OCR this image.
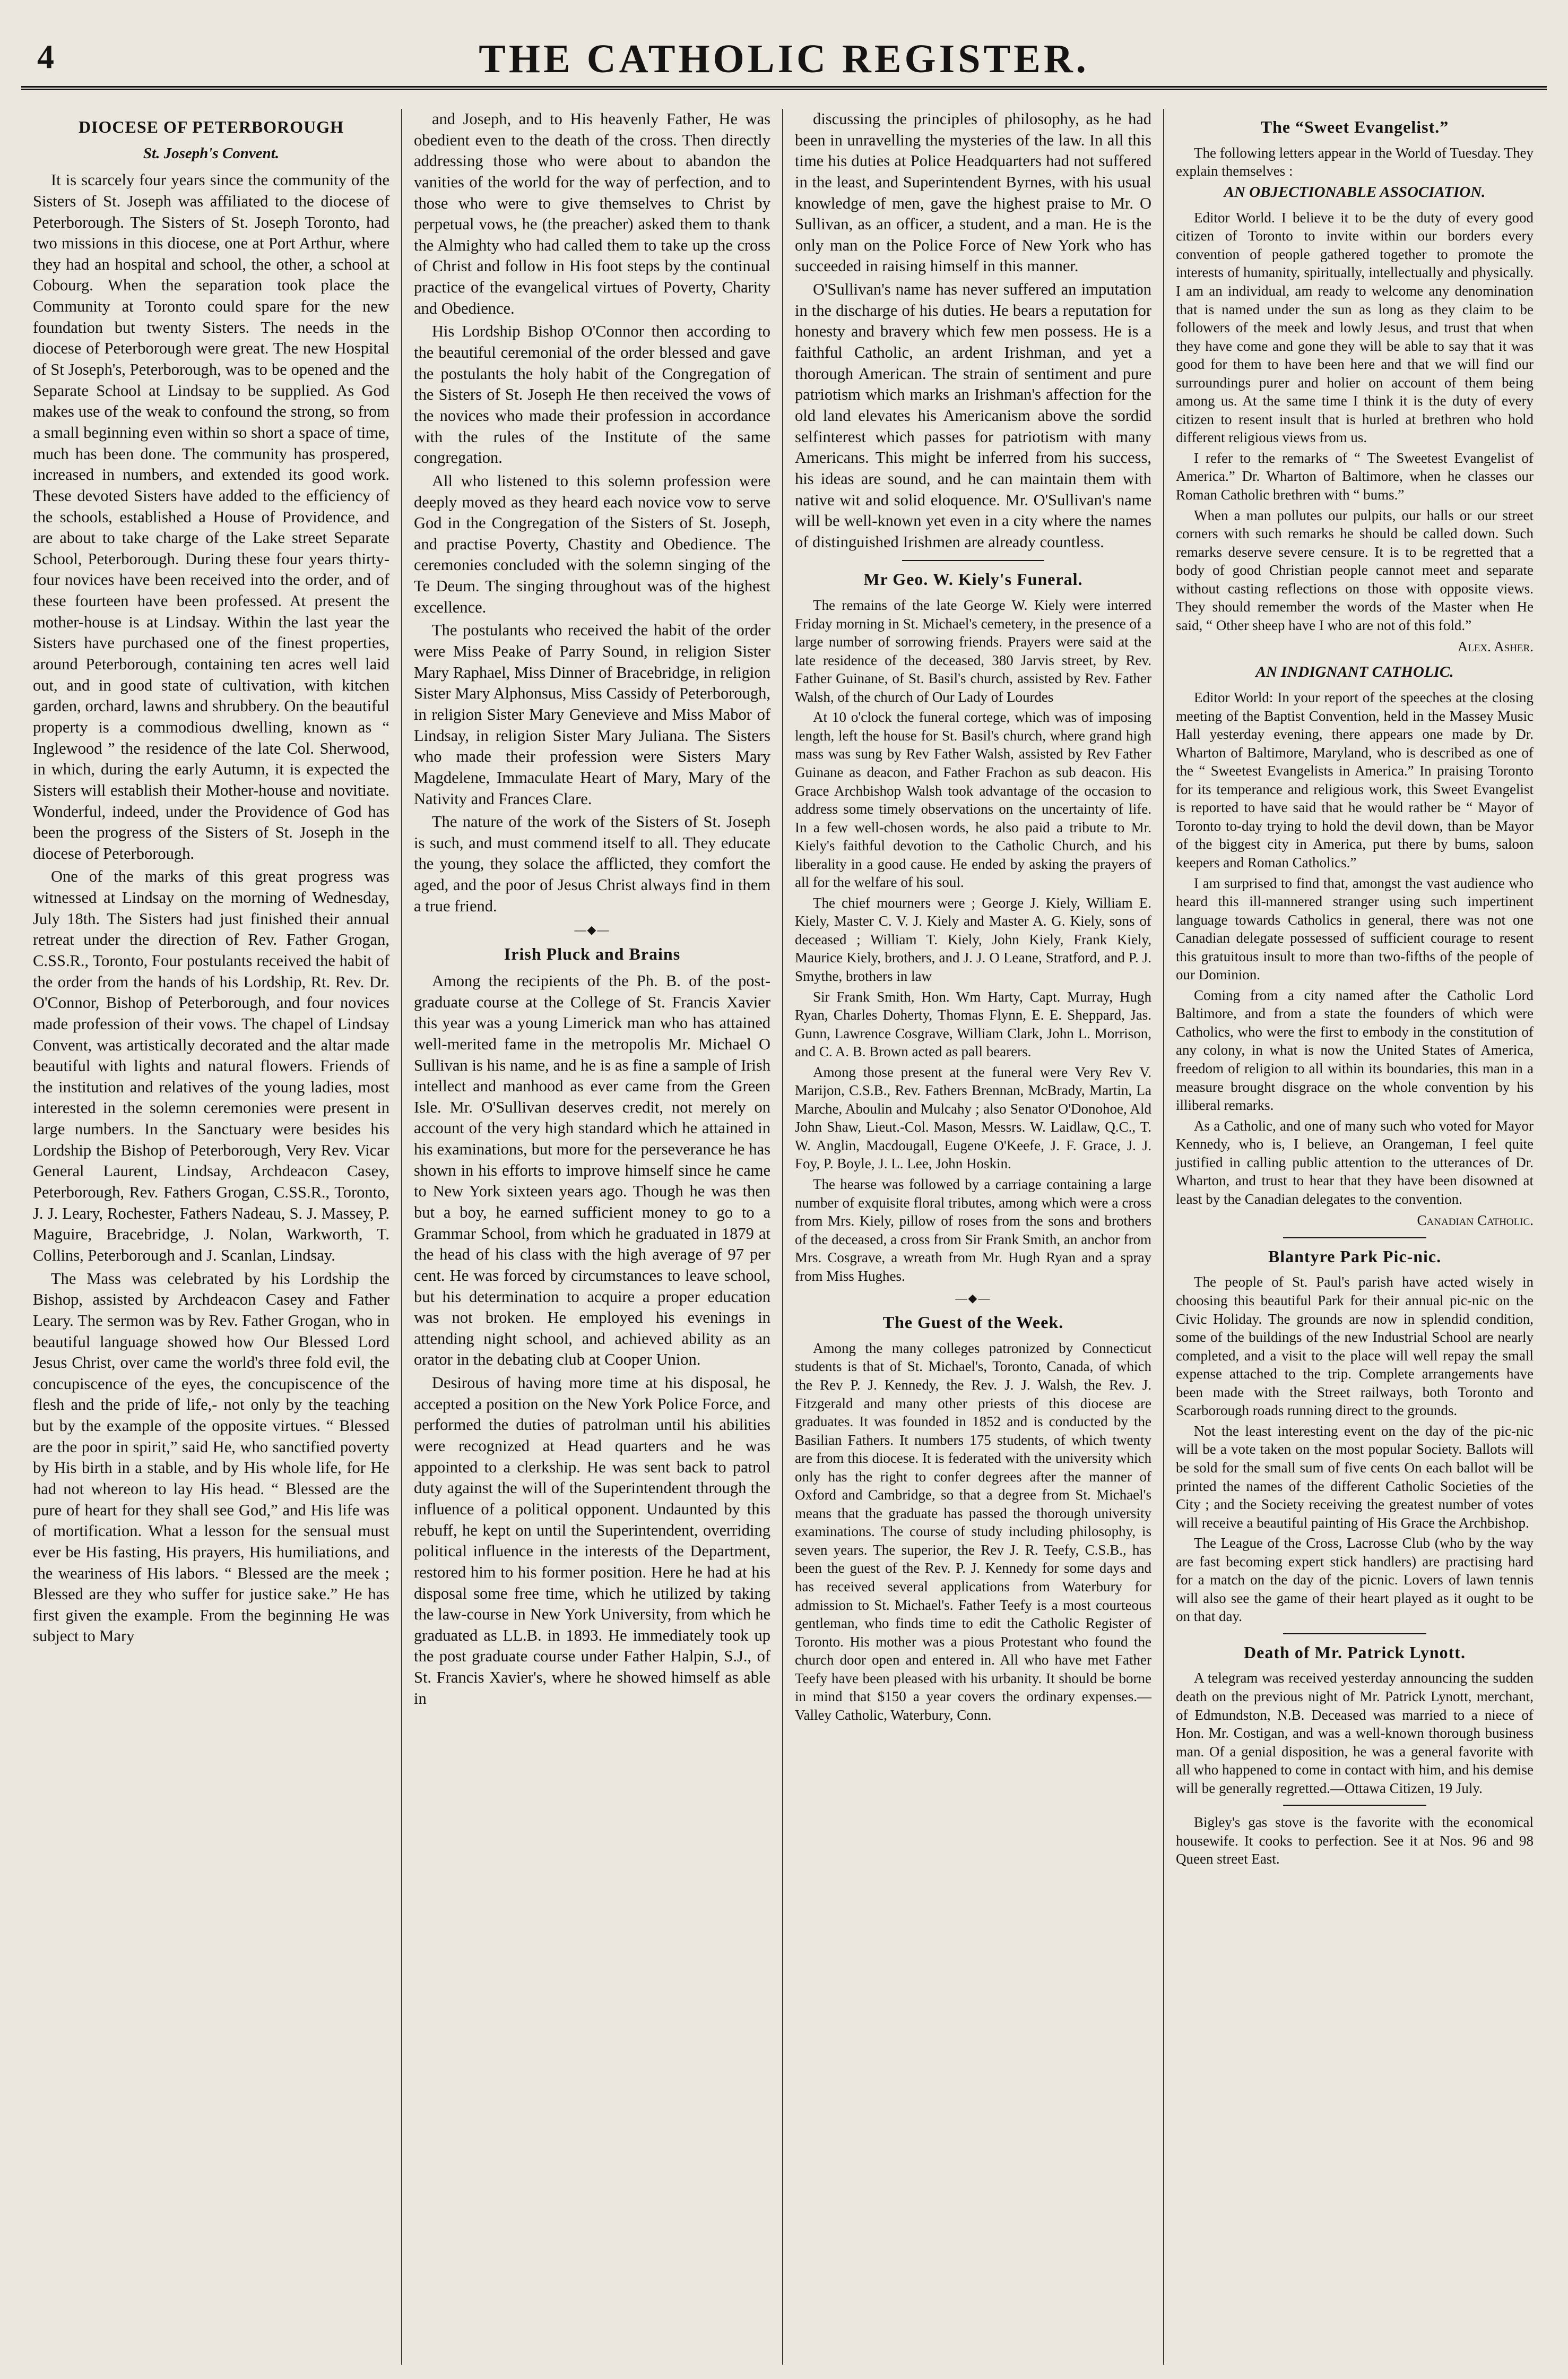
4	THE CATHOLIC REGISTER.
DIOCESE OF PETERBOROUGH
St. Joseph's Convent.

It is scarcely four years since the community of the Sisters of St. Joseph was affiliated to the diocese of Peterborough. The Sisters of St. Joseph Toronto, had two missions in this diocese, one at Port Arthur, where they had an hospital and school, the other, a school at Cobourg. When the separation took place the Community at Toronto could spare for the new foundation but twenty Sisters. The needs in the diocese of Peterborough were great. The new Hospital of St Joseph's, Peterborough, was to be opened and the Separate School at Lindsay to be supplied. As God makes use of the weak to confound the strong, so from a small beginning even within so short a space of time, much has been done. The community has prospered, increased in numbers, and extended its good work. These devoted Sisters have added to the efficiency of the schools, established a House of Providence, and are about to take charge of the Lake street Separate School, Peterborough. During these four years thirty-four novices have been received into the order, and of these fourteen have been professed. At present the mother-house is at Lindsay. Within the last year the Sisters have purchased one of the finest properties, around Peterborough, containing ten acres well laid out, and in good state of cultivation, with kitchen garden, orchard, lawns and shrubbery. On the beautiful property is a commodious dwelling, known as “ Inglewood ” the residence of the late Col. Sherwood, in which, during the early Autumn, it is expected the Sisters will establish their Mother-house and novitiate. Wonderful, indeed, under the Providence of God has been the progress of the Sisters of St. Joseph in the diocese of Peterborough.

One of the marks of this great progress was witnessed at Lindsay on the morning of Wednesday, July 18th. The Sisters had just finished their annual retreat under the direction of Rev. Father Grogan, C.SS.R., Toronto, Four postulants received the habit of the order from the hands of his Lordship, Rt. Rev. Dr. O'Connor, Bishop of Peterborough, and four novices made profession of their vows. The chapel of Lindsay Convent, was artistically decorated and the altar made beautiful with lights and natural flowers. Friends of the institution and relatives of the young ladies, most interested in the solemn ceremonies were present in large numbers. In the Sanctuary were besides his Lordship the Bishop of Peterborough, Very Rev. Vicar General Laurent, Lindsay, Archdeacon Casey, Peterborough, Rev. Fathers Grogan, C.SS.R., Toronto, J. J. Leary, Rochester, Fathers Nadeau, S. J. Massey, P. Maguire, Bracebridge, J. Nolan, Warkworth, T. Collins, Peterborough and J. Scanlan, Lindsay.

The Mass was celebrated by his Lordship the Bishop, assisted by Archdeacon Casey and Father Leary. The sermon was by Rev. Father Grogan, who in beautiful language showed how Our Blessed Lord Jesus Christ, over came the world's three fold evil, the concupiscence of the eyes, the concupiscence of the flesh and the pride of life,- not only by the teaching but by the example of the opposite virtues. “ Blessed are the poor in spirit,” said He, who sanctified poverty by His birth in a stable, and by His whole life, for He had not whereon to lay His head. “ Blessed are the pure of heart for they shall see God,” and His life was of mortification. What a lesson for the sensual must ever be His fasting, His prayers, His humiliations, and the weariness of His labors. “ Blessed are the meek ; Blessed are they who suffer for justice sake.” He has first given the example. From the beginning He was subject to Mary

and Joseph, and to His heavenly Father, He was obedient even to the death of the cross. Then directly addressing those who were about to abandon the vanities of the world for the way of perfection, and to those who were to give themselves to Christ by perpetual vows, he (the preacher) asked them to thank the Almighty who had called them to take up the cross of Christ and follow in His foot steps by the continual practice of the evangelical virtues of Poverty, Charity and Obedience.

His Lordship Bishop O'Connor then according to the beautiful ceremonial of the order blessed and gave the postulants the holy habit of the Congregation of the Sisters of St. Joseph He then received the vows of the novices who made their profession in accordance with the rules of the Institute of the same congregation.

All who listened to this solemn profession were deeply moved as they heard each novice vow to serve God in the Congregation of the Sisters of St. Joseph, and practise Poverty, Chastity and Obedience. The ceremonies concluded with the solemn singing of the Te Deum. The singing throughout was of the highest excellence.

The postulants who received the habit of the order were Miss Peake of Parry Sound, in religion Sister Mary Raphael, Miss Dinner of Bracebridge, in religion Sister Mary Alphonsus, Miss Cassidy of Peterborough, in religion Sister Mary Genevieve and Miss Mabor of Lindsay, in religion Sister Mary Juliana. The Sisters who made their profession were Sisters Mary Magdelene, Immaculate Heart of Mary, Mary of the Nativity and Frances Clare.

The nature of the work of the Sisters of St. Joseph is such, and must commend itself to all. They educate the young, they solace the afflicted, they comfort the aged, and the poor of Jesus Christ always find in them a true friend.

―◆―
Irish Pluck and Brains

Among the recipients of the Ph. B. of the post-graduate course at the College of St. Francis Xavier this year was a young Limerick man who has attained well-merited fame in the metropolis Mr. Michael O Sullivan is his name, and he is as fine a sample of Irish intellect and manhood as ever came from the Green Isle. Mr. O'Sullivan deserves credit, not merely on account of the very high standard which he attained in his examinations, but more for the perseverance he has shown in his efforts to improve himself since he came to New York sixteen years ago. Though he was then but a boy, he earned sufficient money to go to a Grammar School, from which he graduated in 1879 at the head of his class with the high average of 97 per cent. He was forced by circumstances to leave school, but his determination to acquire a proper education was not broken. He employed his evenings in attending night school, and achieved ability as an orator in the debating club at Cooper Union.

Desirous of having more time at his disposal, he accepted a position on the New York Police Force, and performed the duties of patrolman until his abilities were recognized at Head quarters and he was appointed to a clerkship. He was sent back to patrol duty against the will of the Superintendent through the influence of a political opponent. Undaunted by this rebuff, he kept on until the Superintendent, overriding political influence in the interests of the Department, restored him to his former position. Here he had at his disposal some free time, which he utilized by taking the law-course in New York University, from which he graduated as LL.B. in 1893. He immediately took up the post graduate course under Father Halpin, S.J., of St. Francis Xavier's, where he showed himself as able in

discussing the principles of philosophy, as he had been in unravelling the mysteries of the law. In all this time his duties at Police Headquarters had not suffered in the least, and Superintendent Byrnes, with his usual knowledge of men, gave the highest praise to Mr. O Sullivan, as an officer, a student, and a man. He is the only man on the Police Force of New York who has succeeded in raising himself in this manner.

O'Sullivan's name has never suffered an imputation in the discharge of his duties. He bears a reputation for honesty and bravery which few men possess. He is a faithful Catholic, an ardent Irishman, and yet a thorough American. The strain of sentiment and pure patriotism which marks an Irishman's affection for the old land elevates his Americanism above the sordid selfinterest which passes for patriotism with many Americans. This might be inferred from his success, his ideas are sound, and he can maintain them with native wit and solid eloquence. Mr. O'Sullivan's name will be well-known yet even in a city where the names of distinguished Irishmen are already countless.

Mr Geo. W. Kiely's Funeral.

The remains of the late George W. Kiely were interred Friday morning in St. Michael's cemetery, in the presence of a large number of sorrowing friends. Prayers were said at the late residence of the deceased, 380 Jarvis street, by Rev. Father Guinane, of St. Basil's church, assisted by Rev. Father Walsh, of the church of Our Lady of Lourdes

At 10 o'clock the funeral cortege, which was of imposing length, left the house for St. Basil's church, where grand high mass was sung by Rev Father Walsh, assisted by Rev Father Guinane as deacon, and Father Frachon as sub deacon. His Grace Archbishop Walsh took advantage of the occasion to address some timely observations on the uncertainty of life. In a few well-chosen words, he also paid a tribute to Mr. Kiely's faithful devotion to the Catholic Church, and his liberality in a good cause. He ended by asking the prayers of all for the welfare of his soul.

The chief mourners were ; George J. Kiely, William E. Kiely, Master C. V. J. Kiely and Master A. G. Kiely, sons of deceased ; William T. Kiely, John Kiely, Frank Kiely, Maurice Kiely, brothers, and J. J. O Leane, Stratford, and P. J. Smythe, brothers in law

Sir Frank Smith, Hon. Wm Harty, Capt. Murray, Hugh Ryan, Charles Doherty, Thomas Flynn, E. E. Sheppard, Jas. Gunn, Lawrence Cosgrave, William Clark, John L. Morrison, and C. A. B. Brown acted as pall bearers.

Among those present at the funeral were Very Rev V. Marijon, C.S.B., Rev. Fathers Brennan, McBrady, Martin, La Marche, Aboulin and Mulcahy ; also Senator O'Donohoe, Ald John Shaw, Lieut.-Col. Mason, Messrs. W. Laidlaw, Q.C., T. W. Anglin, Macdougall, Eugene O'Keefe, J. F. Grace, J. J. Foy, P. Boyle, J. L. Lee, John Hoskin.

The hearse was followed by a carriage containing a large number of exquisite floral tributes, among which were a cross from Mrs. Kiely, pillow of roses from the sons and brothers of the deceased, a cross from Sir Frank Smith, an anchor from Mrs. Cosgrave, a wreath from Mr. Hugh Ryan and a spray from Miss Hughes.

―◆―
The Guest of the Week.

Among the many colleges patronized by Connecticut students is that of St. Michael's, Toronto, Canada, of which the Rev P. J. Kennedy, the Rev. J. J. Walsh, the Rev. J. Fitzgerald and many other priests of this diocese are graduates. It was founded in 1852 and is conducted by the Basilian Fathers. It numbers 175 students, of which twenty are from this diocese. It is federated with the university which only has the right to confer degrees after the manner of Oxford and Cambridge, so that a degree from St. Michael's means that the graduate has passed the thorough university examinations. The course of study including philosophy, is seven years. The superior, the Rev J. R. Teefy, C.S.B., has been the guest of the Rev. P. J. Kennedy for some days and has received several applications from Waterbury for admission to St. Michael's. Father Teefy is a most courteous gentleman, who finds time to edit the Catholic Register of Toronto. His mother was a pious Protestant who found the church door open and entered in. All who have met Father Teefy have been pleased with his urbanity. It should be borne in mind that $150 a year covers the ordinary expenses.— Valley Catholic, Waterbury, Conn.

The “Sweet Evangelist.”

The following letters appear in the World of Tuesday. They explain themselves :

AN OBJECTIONABLE ASSOCIATION.

Editor World. I believe it to be the duty of every good citizen of Toronto to invite within our borders every convention of people gathered together to promote the interests of humanity, spiritually, intellectually and physically. I am an individual, am ready to welcome any denomination that is named under the sun as long as they claim to be followers of the meek and lowly Jesus, and trust that when they have come and gone they will be able to say that it was good for them to have been here and that we will find our surroundings purer and holier on account of them being among us. At the same time I think it is the duty of every citizen to resent insult that is hurled at brethren who hold different religious views from us.

I refer to the remarks of “ The Sweetest Evangelist of America.” Dr. Wharton of Baltimore, when he classes our Roman Catholic brethren with “ bums.”

When a man pollutes our pulpits, our halls or our street corners with such remarks he should be called down. Such remarks deserve severe censure. It is to be regretted that a body of good Christian people cannot meet and separate without casting reflections on those with opposite views. They should remember the words of the Master when He said, “ Other sheep have I who are not of this fold.”

Alex. Asher.
AN INDIGNANT CATHOLIC.

Editor World: In your report of the speeches at the closing meeting of the Baptist Convention, held in the Massey Music Hall yesterday evening, there appears one made by Dr. Wharton of Baltimore, Maryland, who is described as one of the “ Sweetest Evangelists in America.” In praising Toronto for its temperance and religious work, this Sweet Evangelist is reported to have said that he would rather be “ Mayor of Toronto to-day trying to hold the devil down, than be Mayor of the biggest city in America, put there by bums, saloon keepers and Roman Catholics.”

I am surprised to find that, amongst the vast audience who heard this ill-mannered stranger using such impertinent language towards Catholics in general, there was not one Canadian delegate possessed of sufficient courage to resent this gratuitous insult to more than two-fifths of the people of our Dominion.

Coming from a city named after the Catholic Lord Baltimore, and from a state the founders of which were Catholics, who were the first to embody in the constitution of any colony, in what is now the United States of America, freedom of religion to all within its boundaries, this man in a measure brought disgrace on the whole convention by his illiberal remarks.

As a Catholic, and one of many such who voted for Mayor Kennedy, who is, I believe, an Orangeman, I feel quite justified in calling public attention to the utterances of Dr. Wharton, and trust to hear that they have been disowned at least by the Canadian delegates to the convention.

Canadian Catholic.
Blantyre Park Pic-nic.

The people of St. Paul's parish have acted wisely in choosing this beautiful Park for their annual pic-nic on the Civic Holiday. The grounds are now in splendid condition, some of the buildings of the new Industrial School are nearly completed, and a visit to the place will well repay the small expense attached to the trip. Complete arrangements have been made with the Street railways, both Toronto and Scarborough roads running direct to the grounds.

Not the least interesting event on the day of the pic-nic will be a vote taken on the most popular Society. Ballots will be sold for the small sum of five cents On each ballot will be printed the names of the different Catholic Societies of the City ; and the Society receiving the greatest number of votes will receive a beautiful painting of His Grace the Archbishop.

The League of the Cross, Lacrosse Club (who by the way are fast becoming expert stick handlers) are practising hard for a match on the day of the picnic. Lovers of lawn tennis will also see the game of their heart played as it ought to be on that day.

Death of Mr. Patrick Lynott.

A telegram was received yesterday announcing the sudden death on the previous night of Mr. Patrick Lynott, merchant, of Edmundston, N.B. Deceased was married to a niece of Hon. Mr. Costigan, and was a well-known thorough business man. Of a genial disposition, he was a general favorite with all who happened to come in contact with him, and his demise will be generally regretted.—Ottawa Citizen, 19 July.

Bigley's gas stove is the favorite with the economical housewife. It cooks to perfection. See it at Nos. 96 and 98 Queen street East.
